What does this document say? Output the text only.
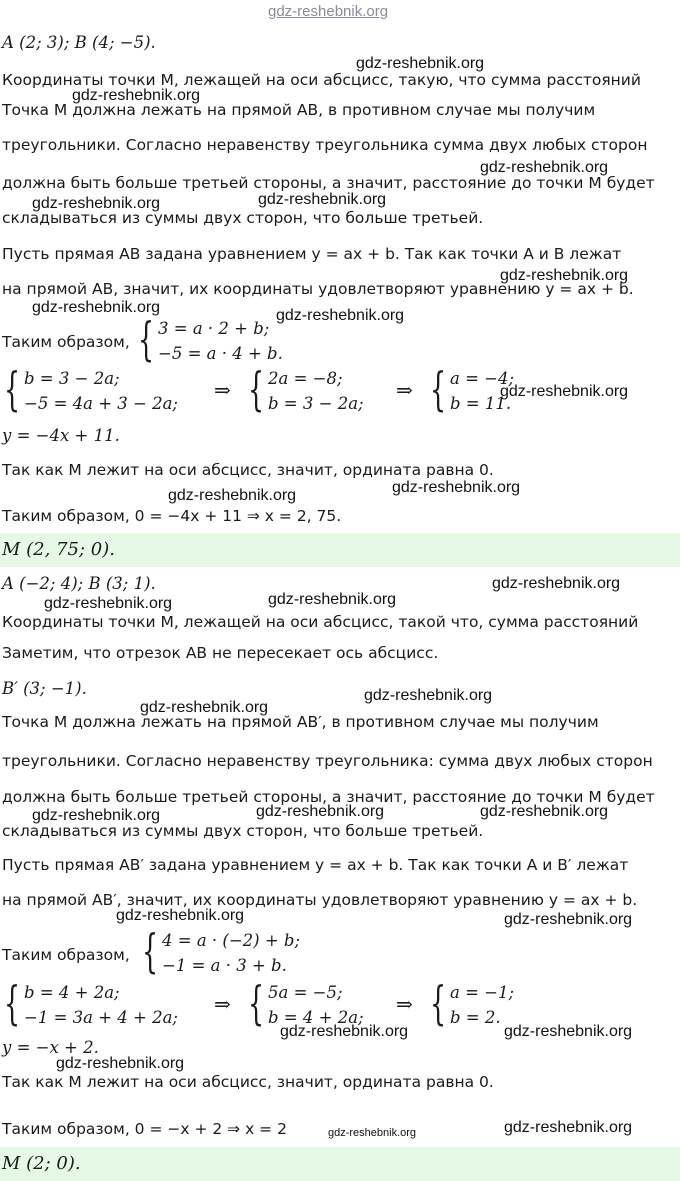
gdz-reshebnik.org
A (2; 3); B (4; −5).
Координаты точки M, лежащей на оси абсцисс, такую, что сумма расстояний
Точка M должна лежать на прямой AB, в противном случае мы получим
треугольники. Согласно неравенству треугольника сумма двух любых сторон
должна быть больше третьей стороны, а значит, расстояние до точки M будет
складываться из суммы двух сторон, что больше третьей.
Пусть прямая AB задана уравнением y = ax + b. Так как точки A и B лежат
на прямой AB, значит, их координаты удовлетворяют уравнению y = ax + b.
Таким образом, { 3 = a · 2 + b;
−5 = a · 4 + b.
{ b = 3 − 2a;
−5 = 4a + 3 − 2a;
⇒ { 2a = −8;
b = 3 − 2a;
⇒ { a = −4;
b = 11.
y = −4x + 11.
Так как M лежит на оси абсцисс, значит, ордината равна 0.
Таким образом, 0 = −4x + 11 ⇒ x = 2, 75.
M (2, 75; 0).
A (−2; 4); B (3; 1).
Координаты точки M, лежащей на оси абсцисс, такой что, сумма расстояний
Заметим, что отрезок AB не пересекает ось абсцисс.
B′ (3; −1).
Точка M должна лежать на прямой AB′, в противном случае мы получим
треугольники. Согласно неравенству треугольника: сумма двух любых сторон
должна быть больше третьей стороны, а значит, расстояние до точки M будет
складываться из суммы двух сторон, что больше третьей.
Пусть прямая AB′ задана уравнением y = ax + b. Так как точки A и B′ лежат
на прямой AB′, значит, их координаты удовлетворяют уравнению y = ax + b.
Таким образом, { 4 = a · (−2) + b;
−1 = a · 3 + b.
{ b = 4 + 2a;
−1 = 3a + 4 + 2a;
⇒ { 5a = −5;
b = 4 + 2a;
⇒ { a = −1;
b = 2.
y = −x + 2.
Так как M лежит на оси абсцисс, значит, ордината равна 0.
Таким образом, 0 = −x + 2 ⇒ x = 2
M (2; 0).
gdz-reshebnik.org
gdz-reshebnik.org
gdz-reshebnik.org
gdz-reshebnik.org	gdz-reshebnik.org
gdz-reshebnik.org
gdz-reshebnik.org	gdz-reshebnik.org
gdz-reshebnik.org
gdz-reshebnik.org	gdz-reshebnik.org
gdz-reshebnik.org
gdz-reshebnik.org	gdz-reshebnik.org
gdz-reshebnik.org
gdz-reshebnik.org
gdz-reshebnik.org	gdz-reshebnik.org	gdz-reshebnik.org
gdz-reshebnik.org	gdz-reshebnik.org
gdz-reshebnik.org	gdz-reshebnik.org
gdz-reshebnik.org
gdz-reshebnik.org	gdz-reshebnik.org
